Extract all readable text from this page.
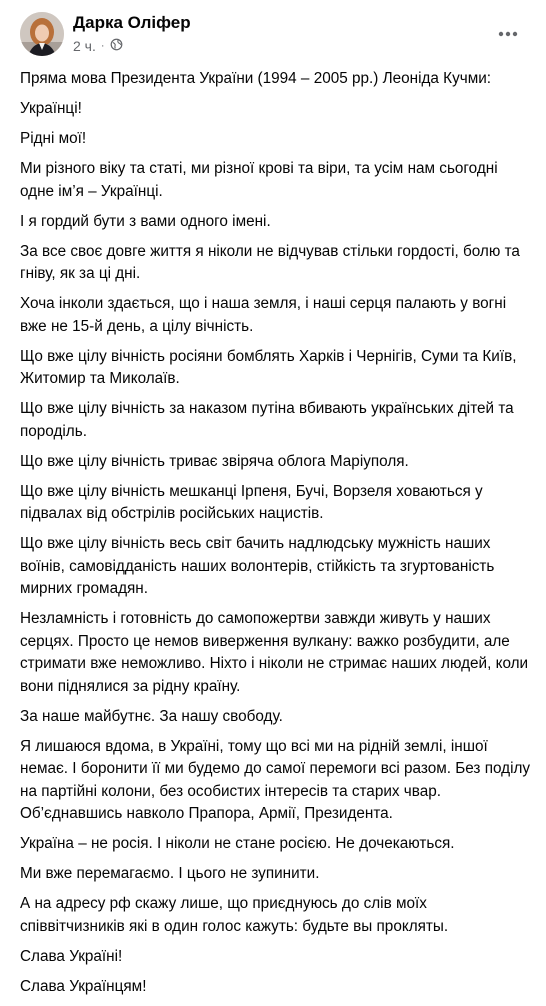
Дарка Оліфер
2 ч. ·

Пряма мова Президента України (1994 – 2005 рр.) Леоніда Кучми:

Українці!

Рідні мої!

Ми різного віку та статі, ми різної крові та віри, та усім нам сьогодні одне ім’я – Українці.

І я гордий бути з вами одного імені.

За все своє довге життя я ніколи не відчував стільки гордості, болю та гніву, як за ці дні.

Хоча інколи здається, що і наша земля, і наші серця палають у вогні вже не 15-й день, а цілу вічність.

Що вже цілу вічність росіяни бомблять Харків і Чернігів, Суми та Київ, Житомир та Миколаїв.

Що вже цілу вічність за наказом путіна вбивають українських дітей та породіль.

Що вже цілу вічність триває звіряча облога Маріуполя.

Що вже цілу вічність мешканці Ірпеня, Бучі, Ворзеля ховаються у підвалах від обстрілів російських нацистів.

Що вже цілу вічність весь світ бачить надлюдську мужність наших воїнів, самовідданість наших волонтерів, стійкість та згуртованість мирних громадян.

Незламність і готовність до самопожертви завжди живуть у наших серцях. Просто це немов виверження вулкану: важко розбудити, але стримати вже неможливо. Ніхто і ніколи не стримає наших людей, коли вони піднялися за рідну країну.

За наше майбутнє. За нашу свободу.

Я лишаюся вдома, в Україні, тому що всі ми на рідній землі, іншої немає. І боронити її ми будемо до самої перемоги всі разом. Без поділу на партійні колони, без особистих інтересів та старих чвар. Об’єднавшись навколо Прапора, Армії, Президента.

Україна – не росія. І ніколи не стане росією. Не дочекаються.

Ми вже перемагаємо. І цього не зупинити.

А на адресу рф скажу лише, що приєднуюсь до слів моїх співвітчизників які в один голос кажуть: будьте вы прокляты.

Слава Україні!

Слава Українцям!
